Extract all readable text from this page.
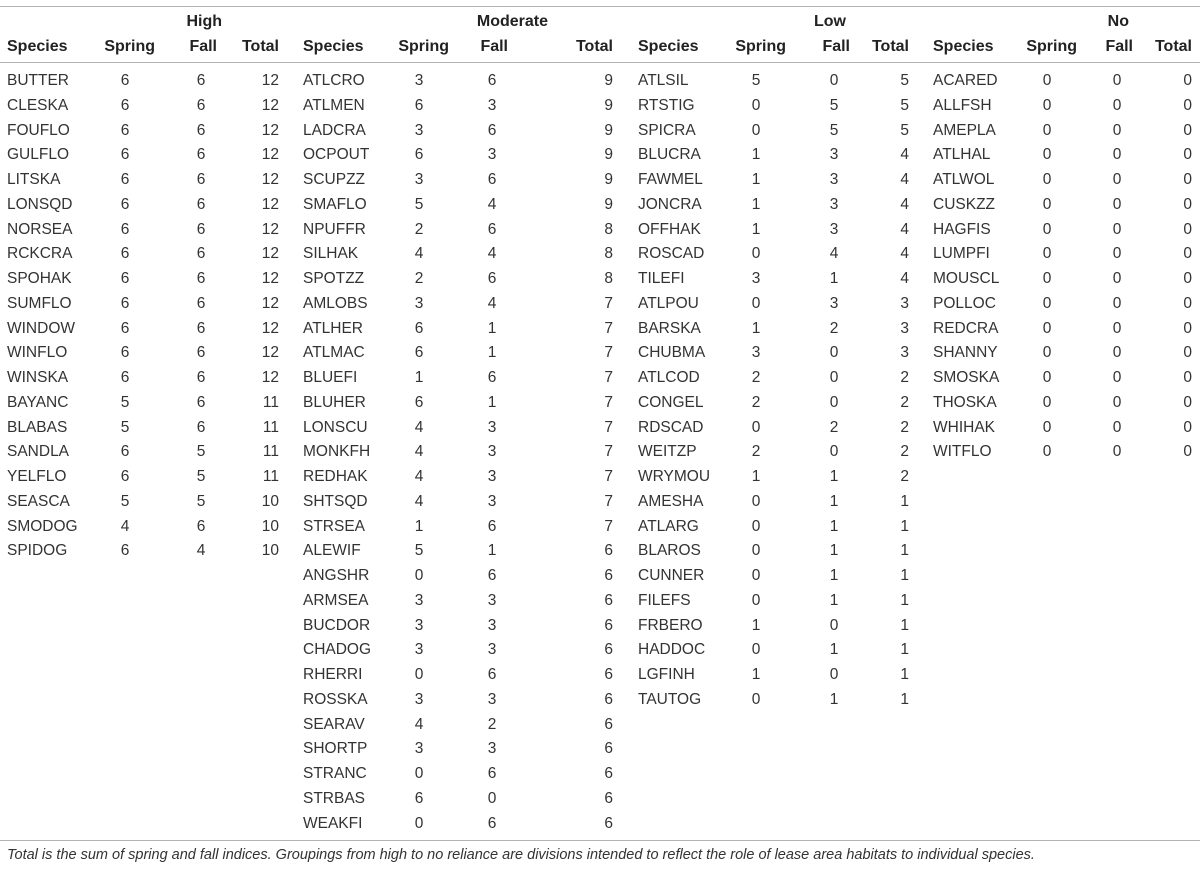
High
Species	Spring	Fall	Total
BUTTER	6	6	12
CLESKA	6	6	12
FOUFLO	6	6	12
GULFLO	6	6	12
LITSKA	6	6	12
LONSQD	6	6	12
NORSEA	6	6	12
RCKCRA	6	6	12
SPOHAK	6	6	12
SUMFLO	6	6	12
WINDOW	6	6	12
WINFLO	6	6	12
WINSKA	6	6	12
BAYANC	5	6	11
BLABAS	5	6	11
SANDLA	6	5	11
YELFLO	6	5	11
SEASCA	5	5	10
SMODOG	4	6	10
SPIDOG	6	4	10
Moderate
Species	Spring	Fall	Total
ATLCRO	3	6	9
ATLMEN	6	3	9
LADCRA	3	6	9
OCPOUT	6	3	9
SCUPZZ	3	6	9
SMAFLO	5	4	9
NPUFFR	2	6	8
SILHAK	4	4	8
SPOTZZ	2	6	8
AMLOBS	3	4	7
ATLHER	6	1	7
ATLMAC	6	1	7
BLUEFI	1	6	7
BLUHER	6	1	7
LONSCU	4	3	7
MONKFH	4	3	7
REDHAK	4	3	7
SHTSQD	4	3	7
STRSEA	1	6	7
ALEWIF	5	1	6
ANGSHR	0	6	6
ARMSEA	3	3	6
BUCDOR	3	3	6
CHADOG	3	3	6
RHERRI	0	6	6
ROSSKA	3	3	6
SEARAV	4	2	6
SHORTP	3	3	6
STRANC	0	6	6
STRBAS	6	0	6
WEAKFI	0	6	6
Low
Species	Spring	Fall	Total
ATLSIL	5	0	5
RTSTIG	0	5	5
SPICRA	0	5	5
BLUCRA	1	3	4
FAWMEL	1	3	4
JONCRA	1	3	4
OFFHAK	1	3	4
ROSCAD	0	4	4
TILEFI	3	1	4
ATLPOU	0	3	3
BARSKA	1	2	3
CHUBMA	3	0	3
ATLCOD	2	0	2
CONGEL	2	0	2
RDSCAD	0	2	2
WEITZP	2	0	2
WRYMOU	1	1	2
AMESHA	0	1	1
ATLARG	0	1	1
BLAROS	0	1	1
CUNNER	0	1	1
FILEFS	0	1	1
FRBERO	1	0	1
HADDOC	0	1	1
LGFINH	1	0	1
TAUTOG	0	1	1
No
Species	Spring	Fall	Total
ACARED	0	0	0
ALLFSH	0	0	0
AMEPLA	0	0	0
ATLHAL	0	0	0
ATLWOL	0	0	0
CUSKZZ	0	0	0
HAGFIS	0	0	0
LUMPFI	0	0	0
MOUSCL	0	0	0
POLLOC	0	0	0
REDCRA	0	0	0
SHANNY	0	0	0
SMOSKA	0	0	0
THOSKA	0	0	0
WHIHAK	0	0	0
WITFLO	0	0	0
Total is the sum of spring and fall indices. Groupings from high to no reliance are divisions intended to reflect the role of lease area habitats to individual species.
